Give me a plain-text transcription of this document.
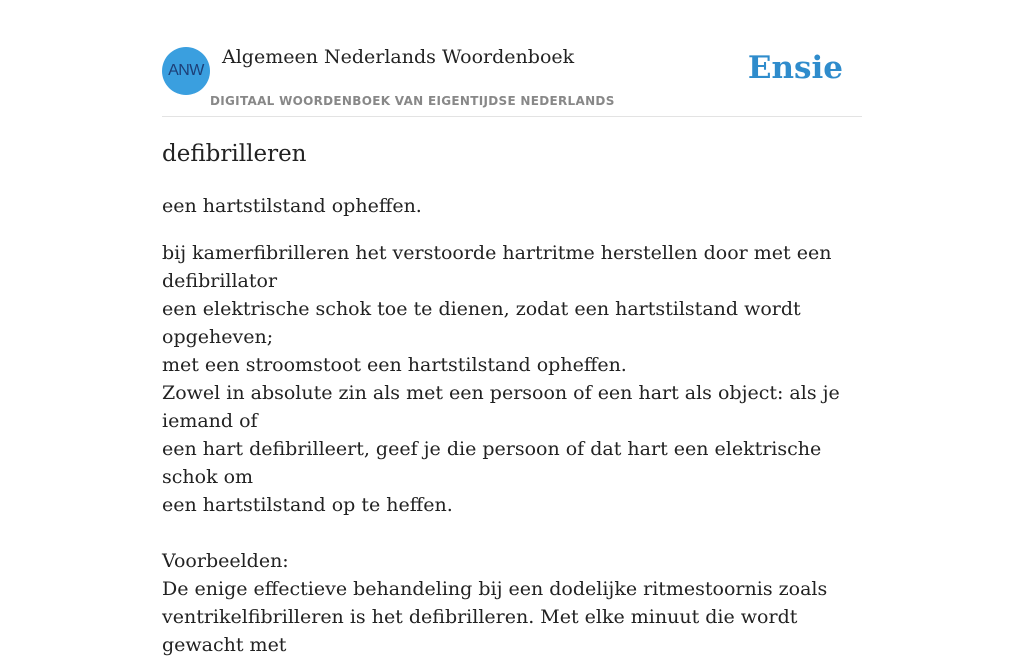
ANW
Algemeen Nederlands Woordenboek
DIGITAAL WOORDENBOEK VAN EIGENTIJDSE NEDERLANDS
Ensie
defibrilleren
een hartstilstand opheffen.

bij kamerfibrilleren het verstoorde hartritme herstellen door met een defibrillator

een elektrische schok toe te dienen, zodat een hartstilstand wordt opgeheven;

met een stroomstoot een hartstilstand opheffen.

Zowel in absolute zin als met een persoon of een hart als object: als je iemand of

een hart defibrilleert, geef je die persoon of dat hart een elektrische schok om

een hartstilstand op te heffen.

Voorbeelden:

De enige effectieve behandeling bij een dodelijke ritmestoornis zoals

ventrikelfibrilleren is het defibrilleren. Met elke minuut die wordt gewacht met
